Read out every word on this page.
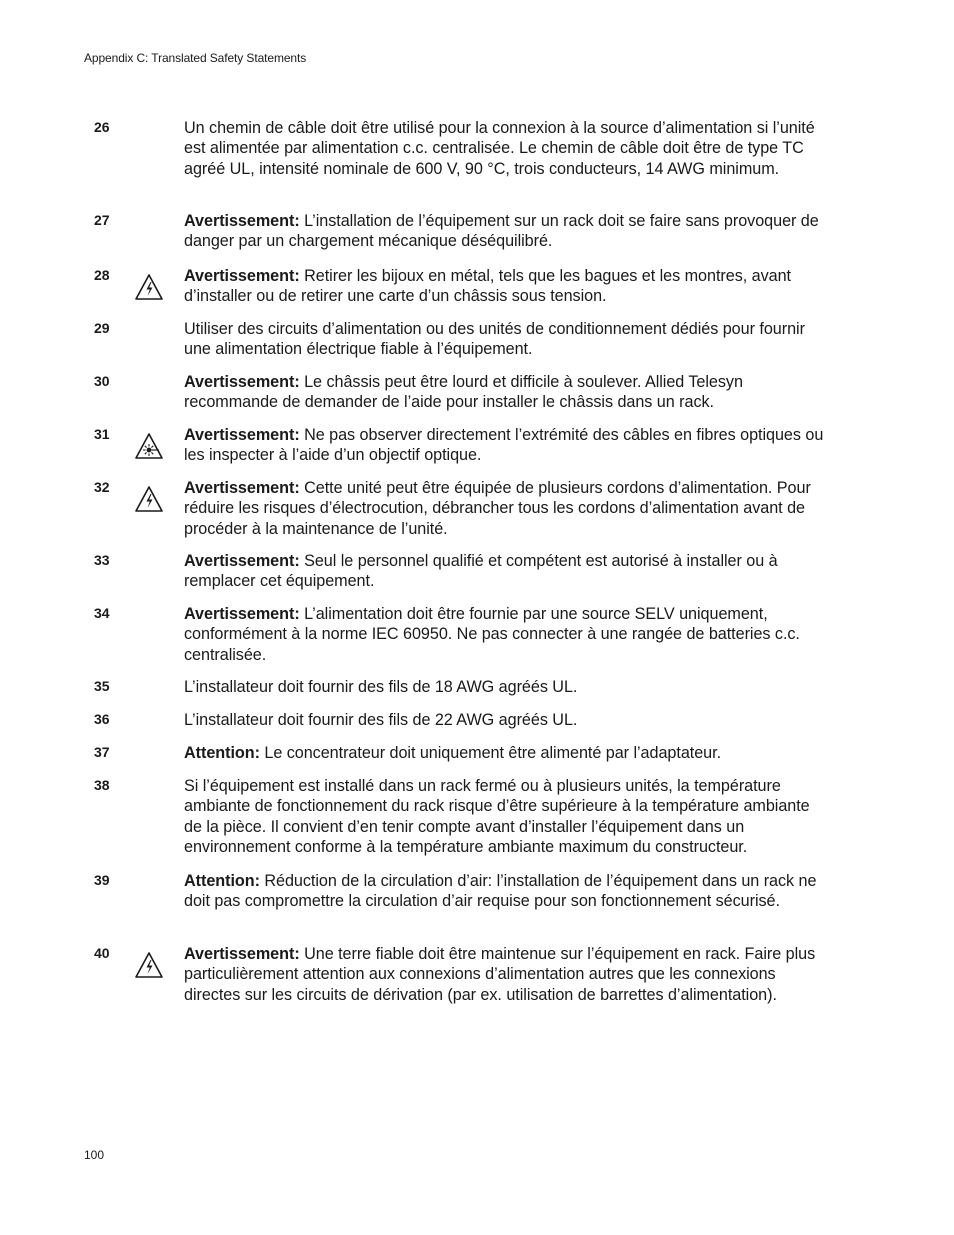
Appendix C: Translated Safety Statements
26	Un chemin de câble doit être utilisé pour la connexion à la source d’alimentation si l’unité est alimentée par alimentation c.c. centralisée. Le chemin de câble doit être de type TC agréé UL, intensité nominale de 600 V, 90 °C, trois conducteurs, 14 AWG minimum.
27	Avertissement: L’installation de l’équipement sur un rack doit se faire sans provoquer de danger par un chargement mécanique déséquilibré.
28	Avertissement: Retirer les bijoux en métal, tels que les bagues et les montres, avant d’installer ou de retirer une carte d’un châssis sous tension.
29	Utiliser des circuits d’alimentation ou des unités de conditionnement dédiés pour fournir une alimentation électrique fiable à l’équipement.
30	Avertissement: Le châssis peut être lourd et difficile à soulever. Allied Telesyn recommande de demander de l’aide pour installer le châssis dans un rack.
31	Avertissement: Ne pas observer directement l’extrémité des câbles en fibres optiques ou les inspecter à l’aide d’un objectif optique.
32	Avertissement: Cette unité peut être équipée de plusieurs cordons d’alimentation. Pour réduire les risques d’électrocution, débrancher tous les cordons d’alimentation avant de procéder à la maintenance de l’unité.
33	Avertissement: Seul le personnel qualifié et compétent est autorisé à installer ou à remplacer cet équipement.
34	Avertissement: L’alimentation doit être fournie par une source SELV uniquement, conformément à la norme IEC 60950. Ne pas connecter à une rangée de batteries c.c. centralisée.
35	L’installateur doit fournir des fils de 18 AWG agréés UL.
36	L’installateur doit fournir des fils de 22 AWG agréés UL.
37	Attention: Le concentrateur doit uniquement être alimenté par l’adaptateur.
38	Si l’équipement est installé dans un rack fermé ou à plusieurs unités, la température ambiante de fonctionnement du rack risque d’être supérieure à la température ambiante de la pièce. Il convient d’en tenir compte avant d’installer l’équipement dans un environnement conforme à la température ambiante maximum du constructeur.
39	Attention: Réduction de la circulation d’air: l’installation de l’équipement dans un rack ne doit pas compromettre la circulation d’air requise pour son fonctionnement sécurisé.
40	Avertissement: Une terre fiable doit être maintenue sur l’équipement en rack. Faire plus particulièrement attention aux connexions d’alimentation autres que les connexions directes sur les circuits de dérivation (par ex. utilisation de barrettes d’alimentation).
100
